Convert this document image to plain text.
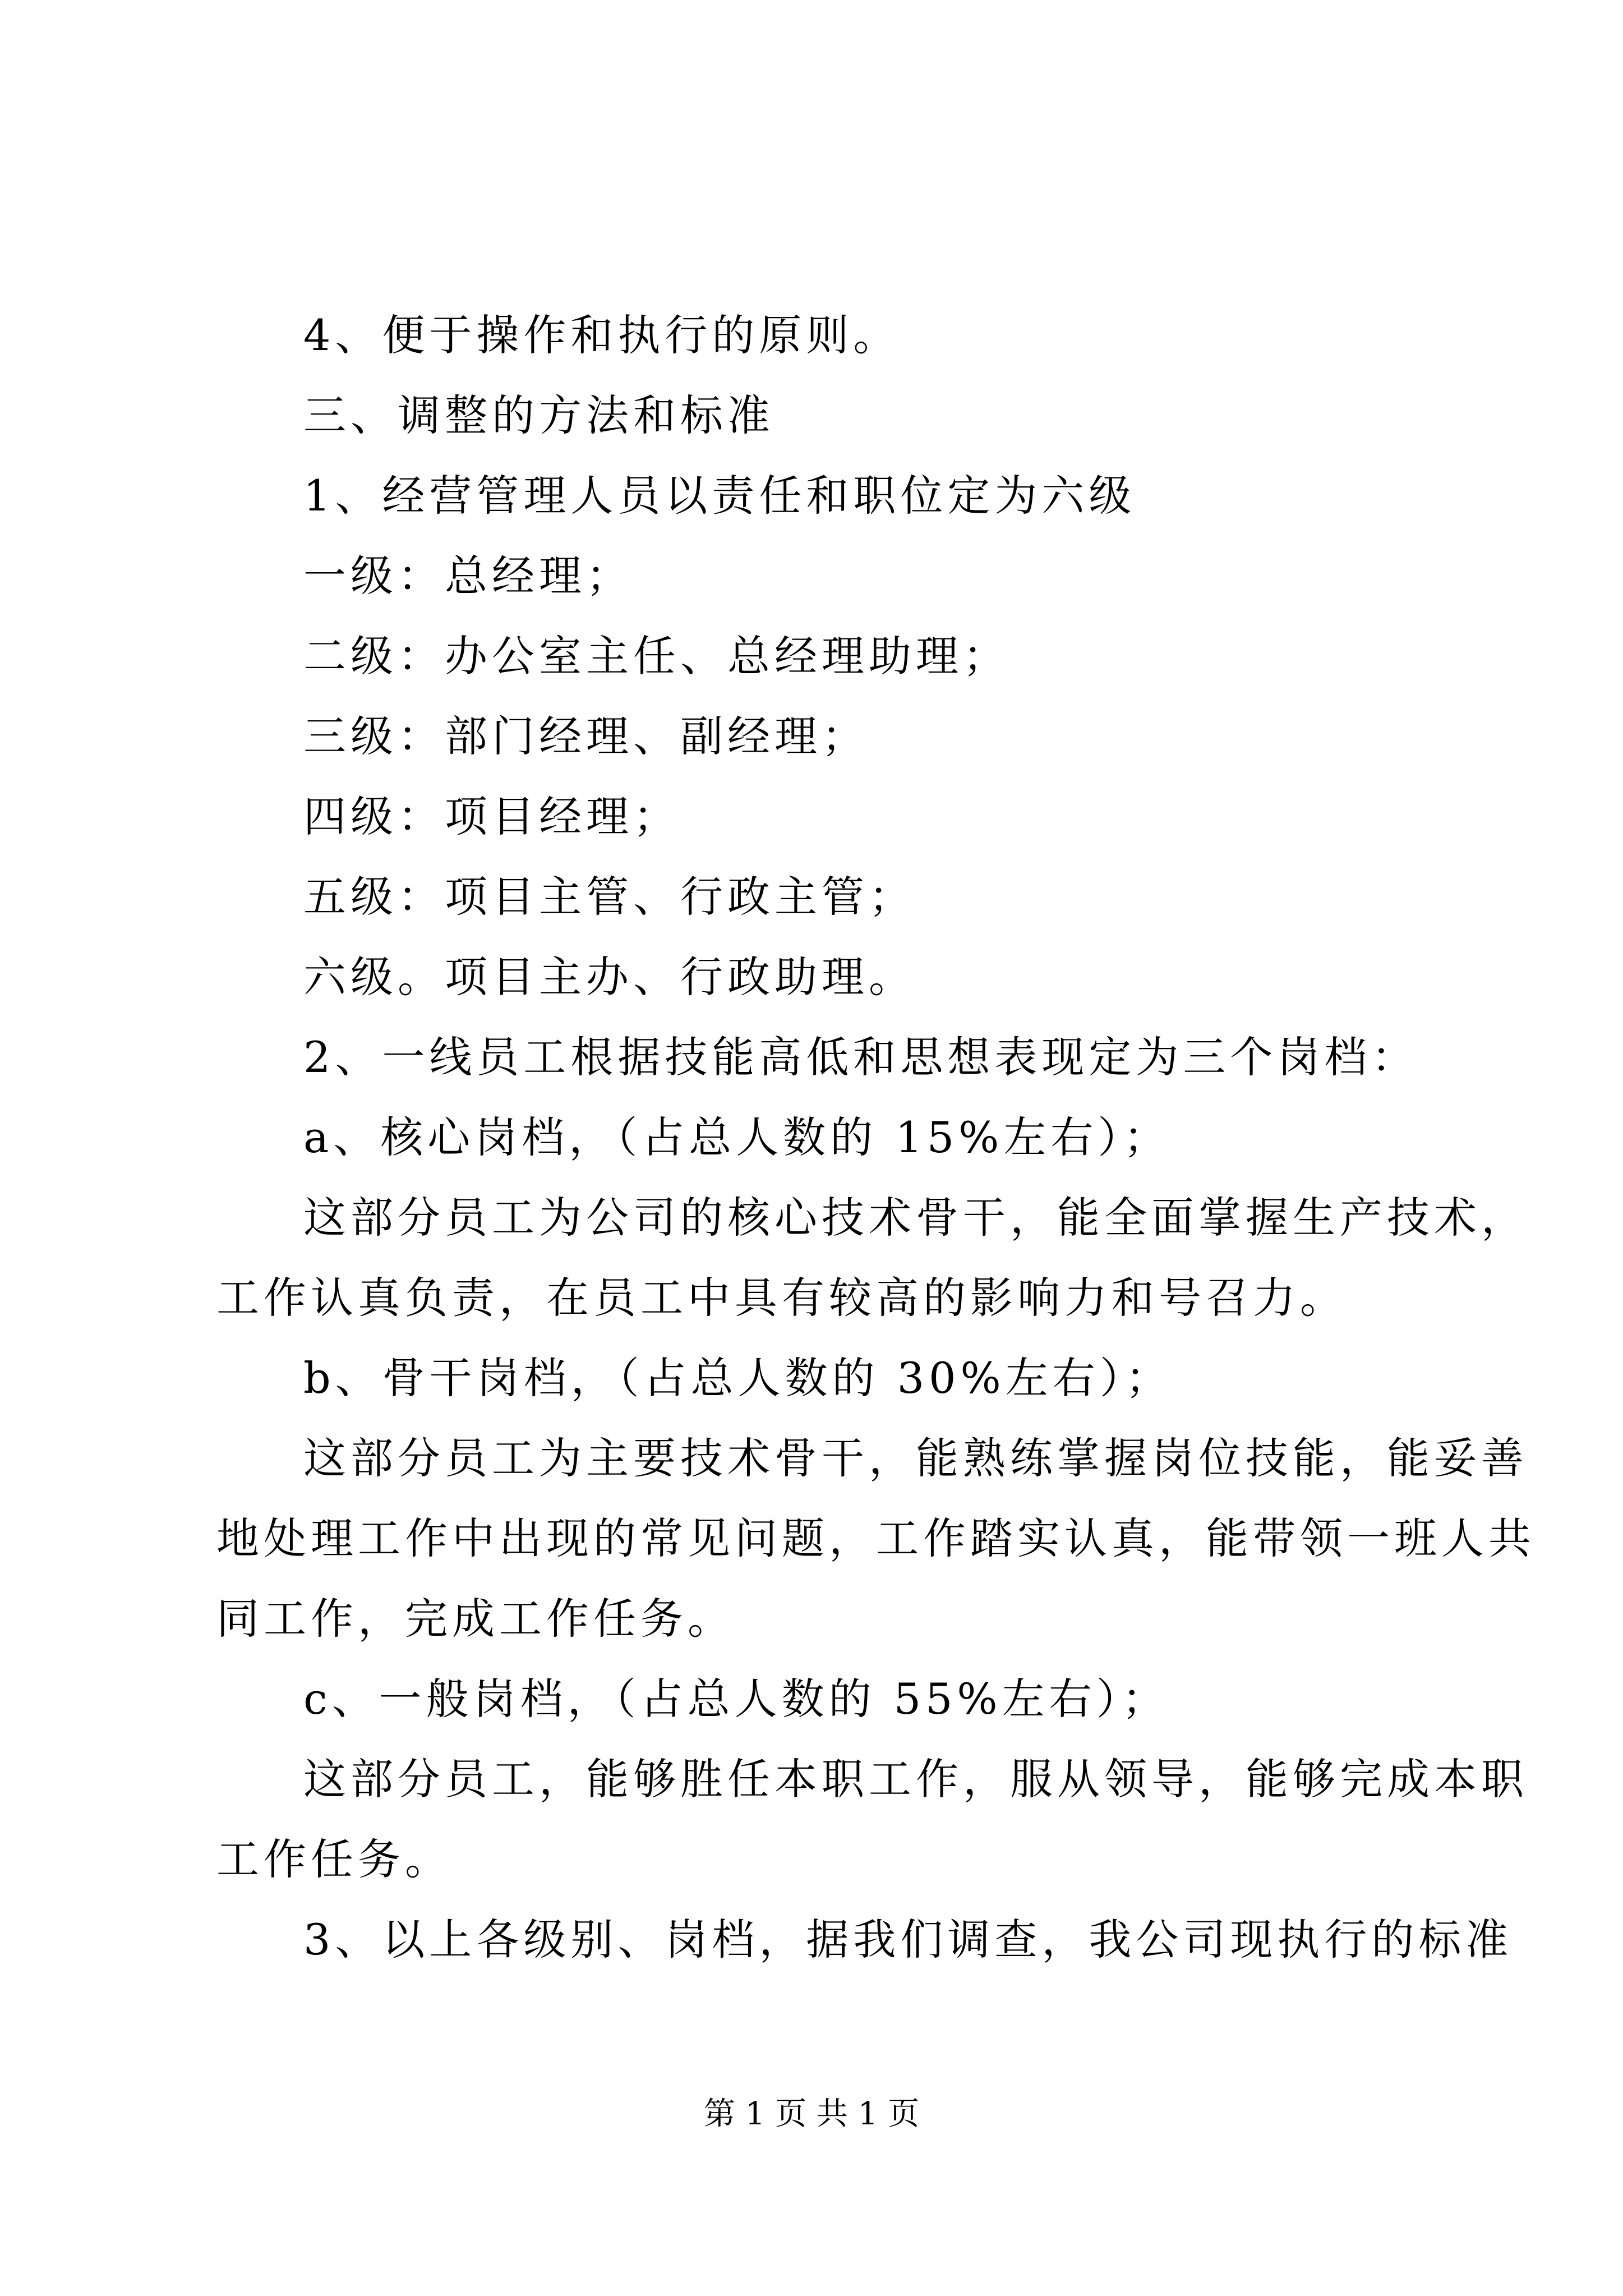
4、便于操作和执行的原则。
三、调整的方法和标准
1、经营管理人员以责任和职位定为六级
一级：总经理；
二级：办公室主任、总经理助理；
三级：部门经理、副经理；
四级：项目经理；
五级：项目主管、行政主管；
六级。项目主办、行政助理。
2、一线员工根据技能高低和思想表现定为三个岗档：
a、核心岗档，（占总人数的 15%左右）；
这部分员工为公司的核心技术骨干，能全面掌握生产技术，
工作认真负责，在员工中具有较高的影响力和号召力。
b、骨干岗档，（占总人数的 30%左右）；
这部分员工为主要技术骨干，能熟练掌握岗位技能，能妥善
地处理工作中出现的常见问题，工作踏实认真，能带领一班人共
同工作，完成工作任务。
c、一般岗档，（占总人数的 55%左右）；
这部分员工，能够胜任本职工作，服从领导，能够完成本职
工作任务。
3、以上各级别、岗档，据我们调查，我公司现执行的标准
第 1 页 共 1 页
